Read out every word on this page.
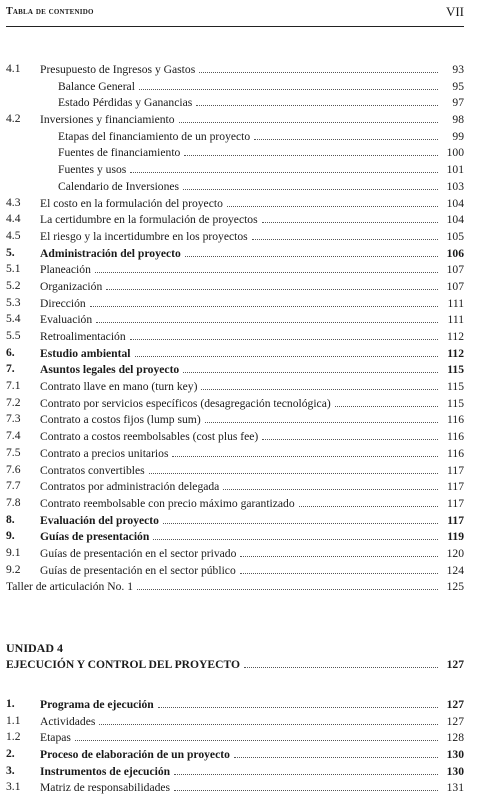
Tabla de contenido	VII
4.1 Presupuesto de Ingresos y Gastos	93
Balance General	95
Estado Pérdidas y Ganancias	97
4.2 Inversiones y financiamiento	98
Etapas del financiamiento de un proyecto	99
Fuentes de financiamiento	100
Fuentes y usos	101
Calendario de Inversiones	103
4.3 El costo en la formulación del proyecto	104
4.4 La certidumbre en la formulación de proyectos	104
4.5 El riesgo y la incertidumbre en los proyectos	105
5. Administración del proyecto	106
5.1 Planeación	107
5.2 Organización	107
5.3 Dirección	111
5.4 Evaluación	111
5.5 Retroalimentación	112
6. Estudio ambiental	112
7. Asuntos legales del proyecto	115
7.1 Contrato llave en mano (turn key)	115
7.2 Contrato por servicios específicos (desagregación tecnológica)	115
7.3 Contrato a costos fijos (lump sum)	116
7.4 Contrato a costos reembolsables (cost plus fee)	116
7.5 Contrato a precios unitarios	116
7.6 Contratos convertibles	117
7.7 Contratos por administración delegada	117
7.8 Contrato reembolsable con precio máximo garantizado	117
8. Evaluación del proyecto	117
9. Guías de presentación	119
9.1 Guías de presentación en el sector privado	120
9.2 Guías de presentación en el sector público	124
Taller de articulación No. 1	125
UNIDAD 4
EJECUCIÓN Y CONTROL DEL PROYECTO	127
1. Programa de ejecución	127
1.1 Actividades	127
1.2 Etapas	128
2. Proceso de elaboración de un proyecto	130
3. Instrumentos de ejecución	130
3.1 Matriz de responsabilidades	131
